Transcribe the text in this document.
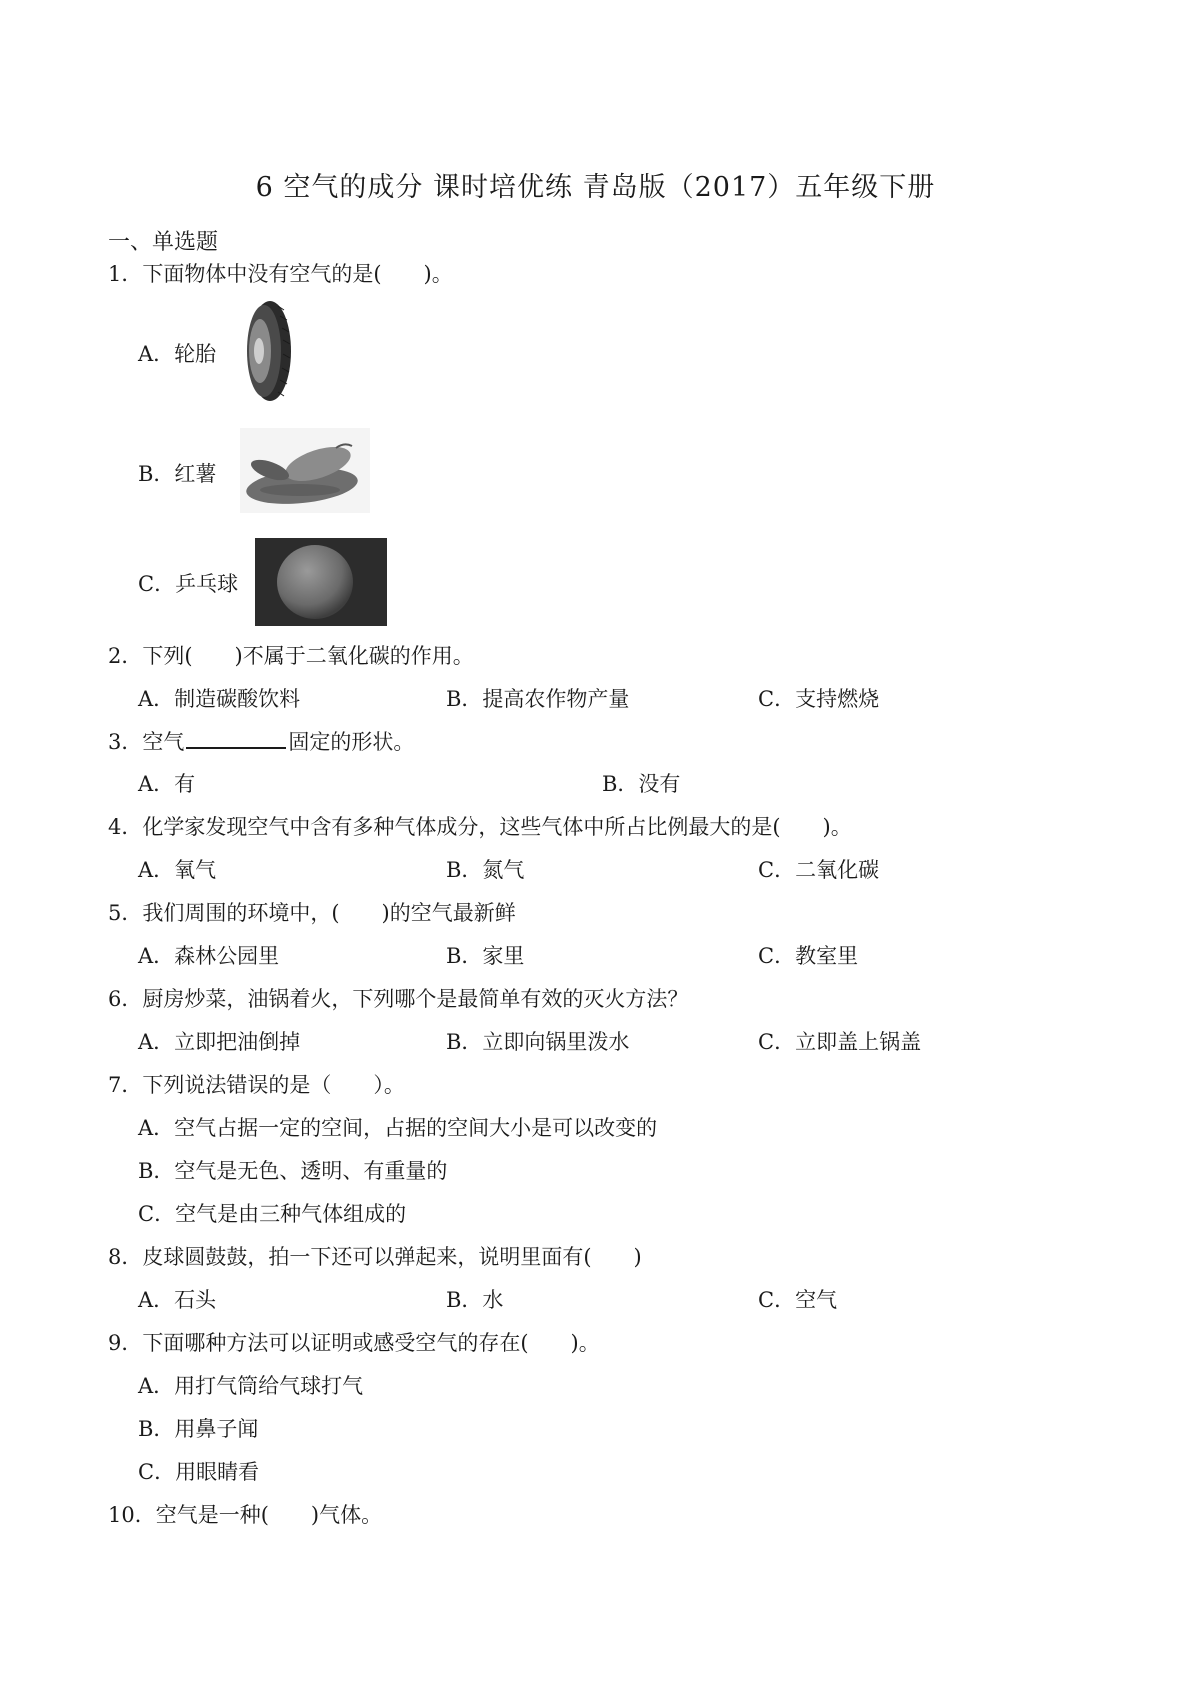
6 空气的成分 课时培优练 青岛版（2017）五年级下册
一、单选题
1．下面物体中没有空气的是(　　)。
A．轮胎
B．红薯
C．乒乓球
2．下列(　　)不属于二氧化碳的作用。
A．制造碳酸饮料	B．提高农作物产量	C．支持燃烧
3．空气	固定的形状。
A．有	B．没有
4．化学家发现空气中含有多种气体成分，这些气体中所占比例最大的是(　　)。
A．氧气	B．氮气	C．二氧化碳
5．我们周围的环境中，(　　)的空气最新鲜
A．森林公园里	B．家里	C．教室里
6．厨房炒菜，油锅着火，下列哪个是最简单有效的灭火方法？
A．立即把油倒掉	B．立即向锅里泼水	C．立即盖上锅盖
7．下列说法错误的是（　　）。
A．空气占据一定的空间，占据的空间大小是可以改变的
B．空气是无色、透明、有重量的
C．空气是由三种气体组成的
8．皮球圆鼓鼓，拍一下还可以弹起来，说明里面有(　　)
A．石头	B．水	C．空气
9．下面哪种方法可以证明或感受空气的存在(　　)。
A．用打气筒给气球打气
B．用鼻子闻
C．用眼睛看
10．空气是一种(　　)气体。
